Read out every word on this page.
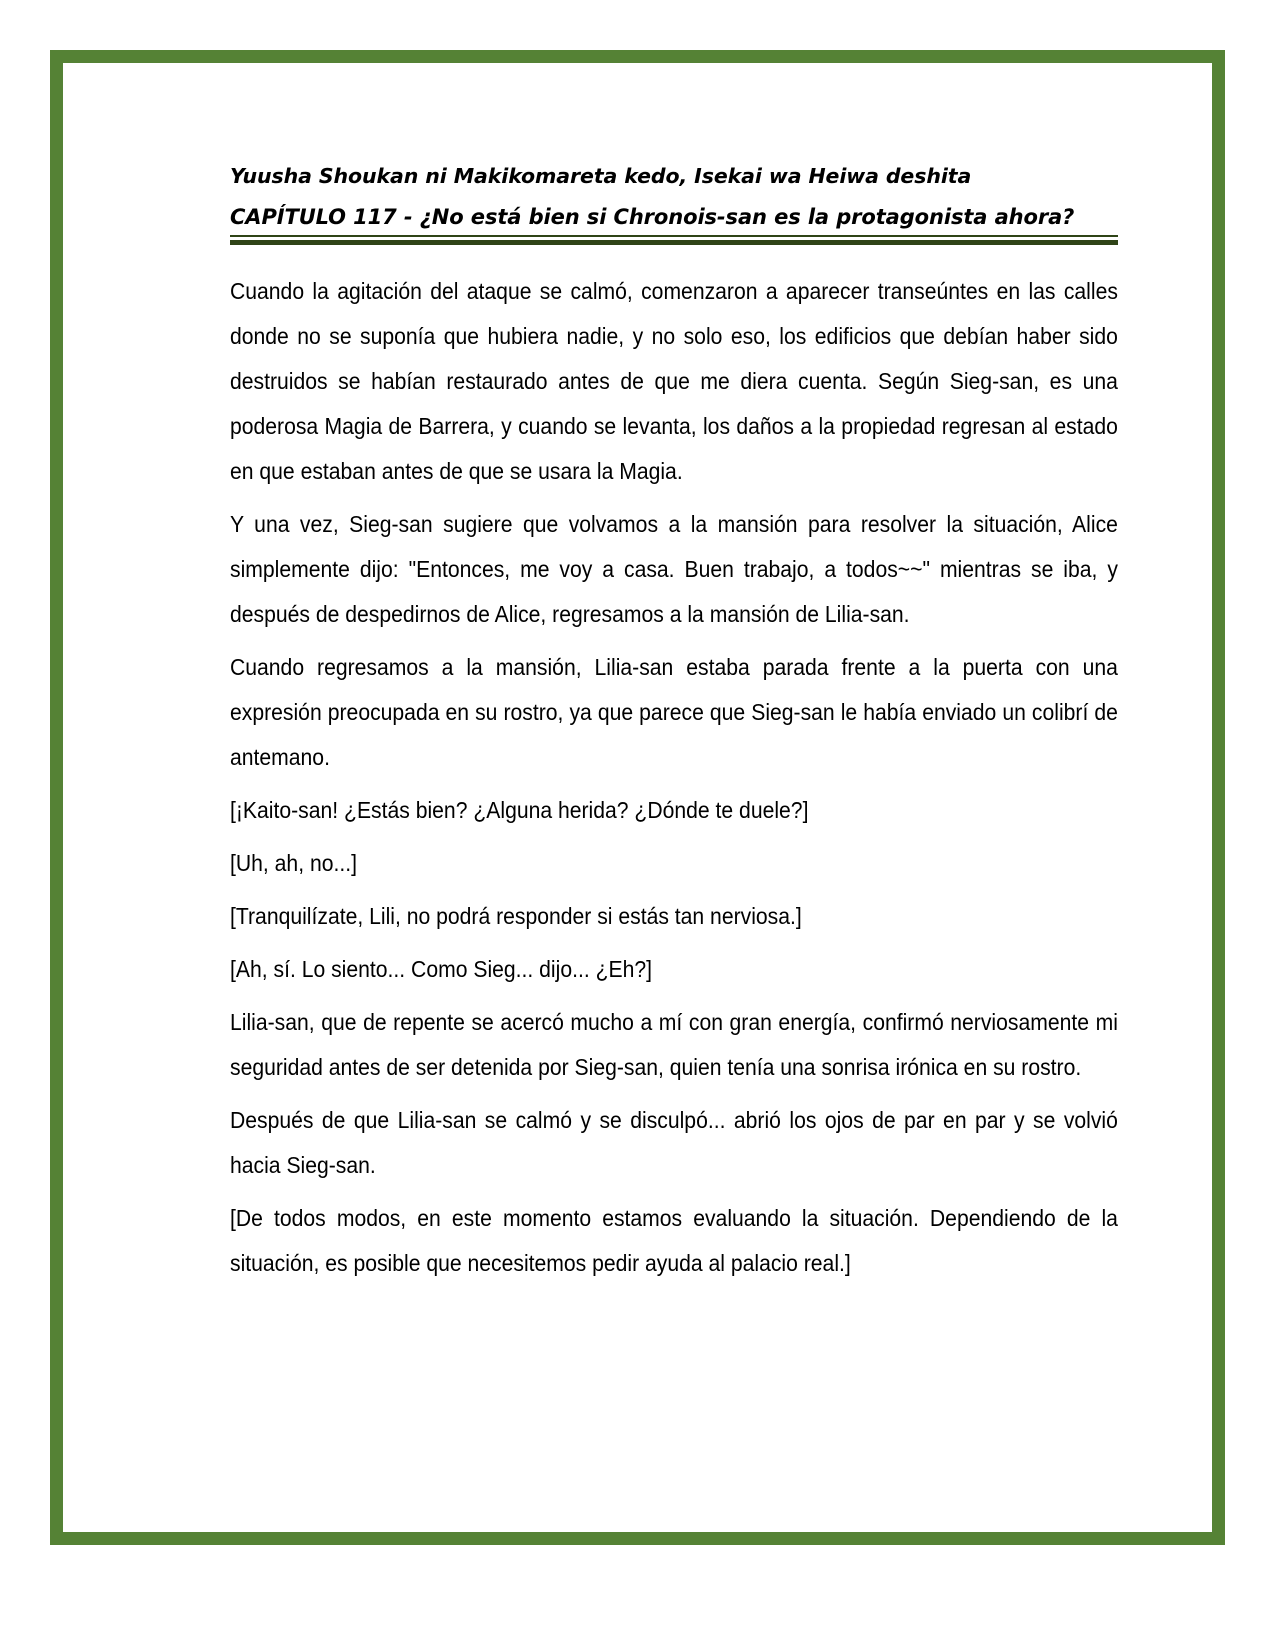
Yuusha Shoukan ni Makikomareta kedo, Isekai wa Heiwa deshita
CAPÍTULO 117 - ¿No está bien si Chronois-san es la protagonista ahora?

Cuando la agitación del ataque se calmó, comenzaron a aparecer transeúntes en las calles donde no se suponía que hubiera nadie, y no solo eso, los edificios que debían haber sido destruidos se habían restaurado antes de que me diera cuenta. Según Sieg-san, es una poderosa Magia de Barrera, y cuando se levanta, los daños a la propiedad regresan al estado en que estaban antes de que se usara la Magia.

Y una vez, Sieg-san sugiere que volvamos a la mansión para resolver la situación, Alice simplemente dijo: "Entonces, me voy a casa. Buen trabajo, a todos~~" mientras se iba, y después de despedirnos de Alice, regresamos a la mansión de Lilia-san.

Cuando regresamos a la mansión, Lilia-san estaba parada frente a la puerta con una expresión preocupada en su rostro, ya que parece que Sieg-san le había enviado un colibrí de antemano.

[¡Kaito-san! ¿Estás bien? ¿Alguna herida? ¿Dónde te duele?]

[Uh, ah, no...]

[Tranquilízate, Lili, no podrá responder si estás tan nerviosa.]

[Ah, sí. Lo siento... Como Sieg... dijo... ¿Eh?]

Lilia-san, que de repente se acercó mucho a mí con gran energía, confirmó nerviosamente mi seguridad antes de ser detenida por Sieg-san, quien tenía una sonrisa irónica en su rostro.

Después de que Lilia-san se calmó y se disculpó... abrió los ojos de par en par y se volvió hacia Sieg-san.

[De todos modos, en este momento estamos evaluando la situación. Dependiendo de la situación, es posible que necesitemos pedir ayuda al palacio real.]
